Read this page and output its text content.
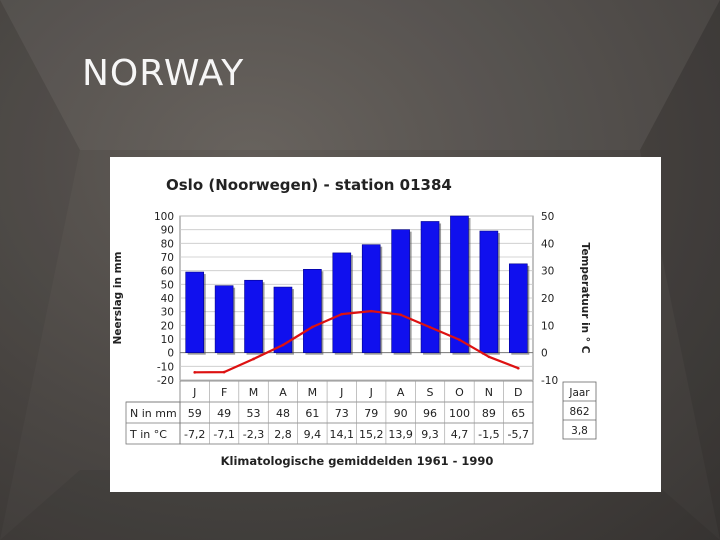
NORWAY
100
90
80
70
60
50
40
30
20
10
0
-10
-20
50
40
30
20
10
0
-10
J
59
-7,2
F
49
-7,1
M
53
-2,3
A
48
2,8
M
61
9,4
J
73
14,1
J
79
15,2
A
90
13,9
S
96
9,3
O
100
4,7
N
89
-1,5
D
65
-5,7
N in mm
T in °C
Jaar
862
3,8
Oslo (Noorwegen) - station 01384
Neerslag in mm	Temperatuur in ° C
Klimatologische gemiddelden 1961 - 1990
